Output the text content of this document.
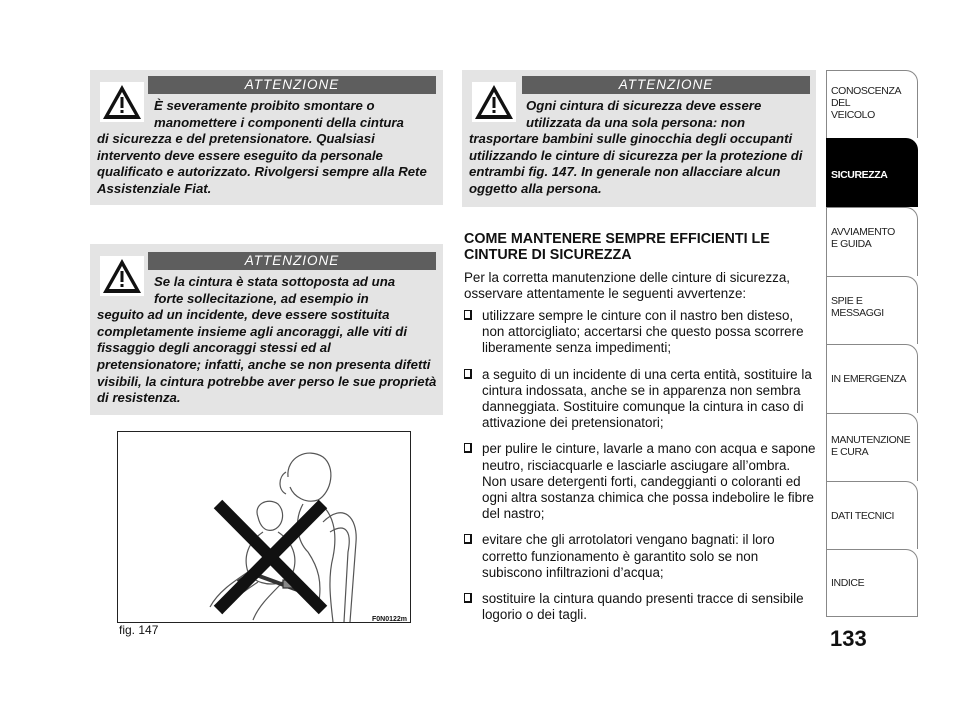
ATTENZIONE

È severamente proibito smontare o

manomettere i componenti della cintura

di sicurezza e del pretensionatore. Qualsiasi intervento deve essere eseguito da personale qualificato e autorizzato. Rivolgersi sempre alla Rete Assistenziale Fiat.

ATTENZIONE

Se la cintura è stata sottoposta ad una

forte sollecitazione, ad esempio in

seguito ad un incidente, deve essere sostituita completamente insieme agli ancoraggi, alle viti di fissaggio degli ancoraggi stessi ed al pretensionatore; infatti, anche se non presenta difetti visibili, la cintura potrebbe aver perso le sue proprietà di resistenza.

ATTENZIONE

Ogni cintura di sicurezza deve essere

utilizzata da una sola persona: non

trasportare bambini sulle ginocchia degli occupanti utilizzando le cinture di sicurezza per la protezione di entrambi fig. 147. In generale non allacciare alcun oggetto alla persona.

COME MANTENERE SEMPRE EFFICIENTI LE CINTURE DI SICUREZZA
Per la corretta manutenzione delle cinture di sicurezza, osservare attentamente le seguenti avvertenze:
utilizzare sempre le cinture con il nastro ben disteso, non attorcigliato; accertarsi che questo possa scorrere liberamente senza impedimenti;
a seguito di un incidente di una certa entità, sostituire la cintura indossata, anche se in apparenza non sembra danneggiata. Sostituire comunque la cintura in caso di attivazione dei pretensionatori;
per pulire le cinture, lavarle a mano con acqua e sapone neutro, risciacquarle e lasciarle asciugare all’ombra. Non usare detergenti forti, candeggianti o coloranti ed ogni altra sostanza chimica che possa indebolire le fibre del nastro;
evitare che gli arrotolatori vengano bagnati: il loro corretto funzionamento è garantito solo se non subiscono infiltrazioni d’acqua;
sostituire la cintura quando presenti tracce di sensibile logorio o dei tagli.
fig. 147
F0N0122m
133
CONOSCENZA
DEL
VEICOLO
SICUREZZA
AVVIAMENTO
E GUIDA
SPIE E
MESSAGGI
IN EMERGENZA
MANUTENZIONE
E CURA
DATI TECNICI
INDICE
